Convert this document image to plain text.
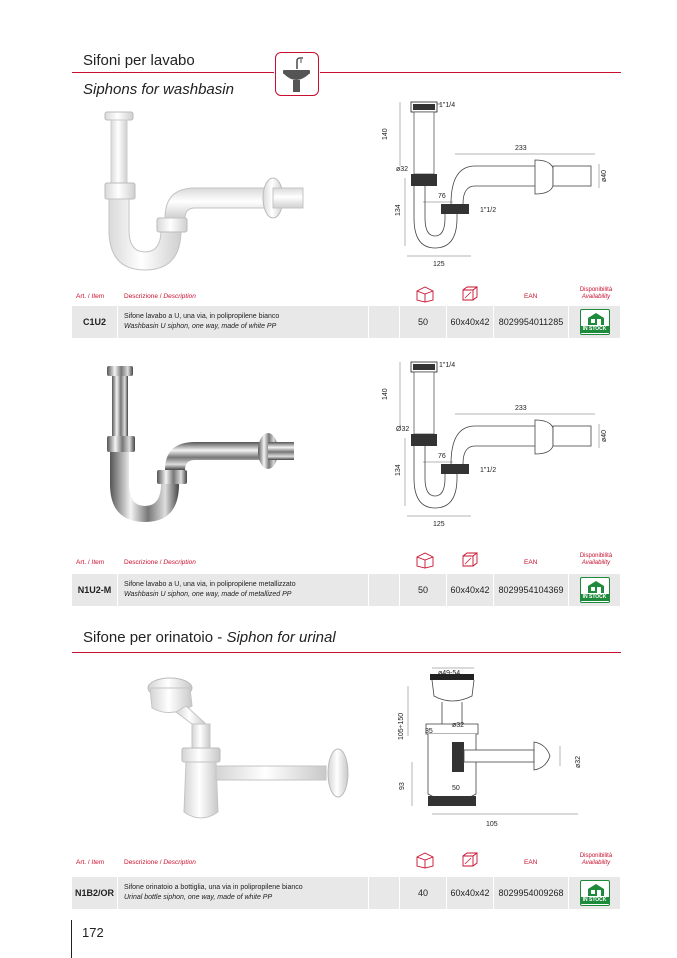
Sifoni per lavabo
Siphons for washbasin
1"1/4
140
233
ø32
ø40
76
134	1"1/2
125
Art. / Item	Descrizione / Description	EAN
Disponibilità
Availability
C1U2
Sifone lavabo a U, una via, in polipropilene bianco
Washbasin U siphon, one way, made of white PP	50	60x40x42	8029954011285
IN STOCK
1"1/4
140
233
Ø32
ø40
76
134	1"1/2
125
Art. / Item	Descrizione / Description	EAN
Disponibilità
Availability
N1U2-M
Sifone lavabo a U, una via, in polipropilene metallizzato
Washbasin U siphon, one way, made of metallized PP	50	60x40x42 8029954104369
IN STOCK
Sifone per orinatoio - Siphon for urinal
ø49-54
105÷150	ø32
35
ø32
93	50
105
Art. / Item	Descrizione / Description	EAN
Disponibilità
Availability
N1B2/OR
Sifone orinatoio a bottiglia, una via in polipropilene bianco
Urinal bottle siphon, one way, made of white PP	40	60x40x42 8029954009268
IN STOCK
172
